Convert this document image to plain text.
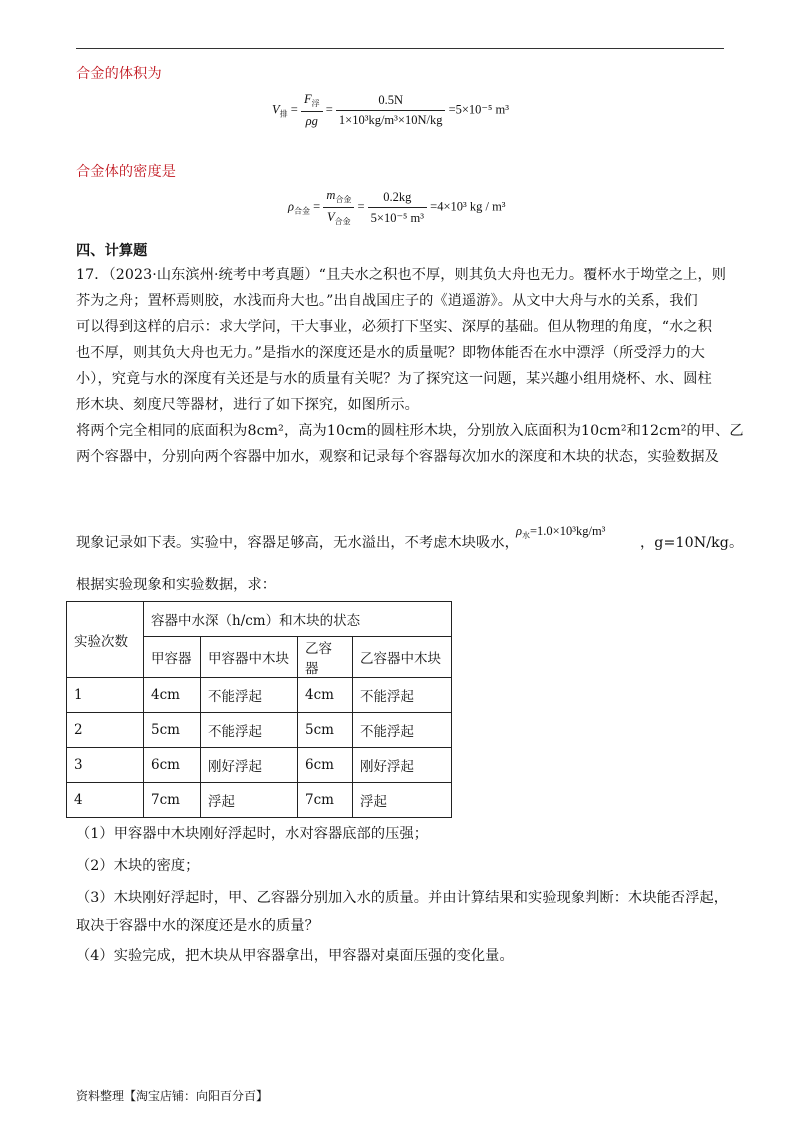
合金的体积为
$V_排 = \frac{F_浮}{\rho g} = \frac{0.5N}{\text{1×10³kg/m³×10N/kg}} =5\times 10^{-5}$ m³
合金体的密度是
$\rho_{合金} = \frac{m_{合金}}{V_{合金}} = \frac{0.2kg}{\text{5×10⁻⁵ m³}} =4\times 10^3$ kg / m³
四、计算题
17．（2023·山东滨州·统考中考真题）“且夫水之积也不厚，则其负大舟也无力。覆杯水于坳堂之上，则
芥为之舟；置杯焉则胶，水浅而舟大也。”出自战国庄子的《逍遥游》。从文中大舟与水的关系，我们
可以得到这样的启示：求大学问，干大事业，必须打下坚实、深厚的基础。但从物理的角度，“水之积
也不厚，则其负大舟也无力。”是指水的深度还是水的质量呢？即物体能否在水中漂浮（所受浮力的大
小），究竟与水的深度有关还是与水的质量有关呢？为了探究这一问题，某兴趣小组用烧杯、水、圆柱
形木块、刻度尺等器材，进行了如下探究，如图所示。
将两个完全相同的底面积为8cm²，高为10cm的圆柱形木块，分别放入底面积为10cm²和12cm²的甲、乙
两个容器中，分别向两个容器中加水，观察和记录每个容器每次加水的深度和木块的状态，实验数据及
现象记录如下表。实验中，容器足够高，无水溢出，不考虑木块吸水，
$\rho_水=1.0\times 10^3kg/m^3$
，g=10N/kg。
根据实验现象和实验数据，求：
实验次数	容器中水深（h/cm）和木块的状态			
	甲容器	甲容器中木块	乙容器	乙容器中木块
1	4cm	不能浮起	4cm	不能浮起
2	5cm	不能浮起	5cm	不能浮起
3	6cm	刚好浮起	6cm	刚好浮起
4	7cm	浮起	7cm	浮起
（1）甲容器中木块刚好浮起时，水对容器底部的压强；
（2）木块的密度；
（3）木块刚好浮起时，甲、乙容器分别加入水的质量。并由计算结果和实验现象判断：木块能否浮起，
取决于容器中水的深度还是水的质量？
（4）实验完成，把木块从甲容器拿出，甲容器对桌面压强的变化量。
资料整理【淘宝店铺：向阳百分百】
